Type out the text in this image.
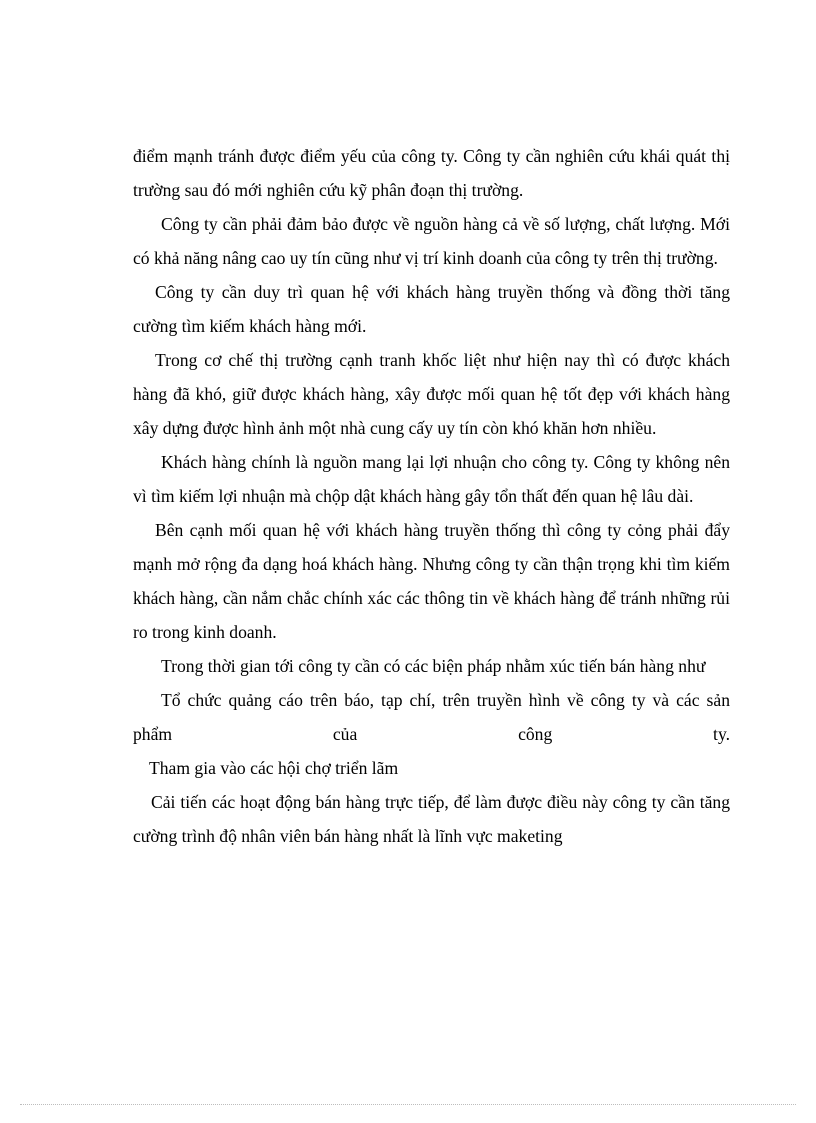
điểm mạnh tránh được điểm yếu của công ty. Công ty cần nghiên cứu khái quát thị trường sau đó mới nghiên cứu kỹ phân đoạn thị trường.

Công ty cần phải đảm bảo được về nguồn hàng cả về số lượng, chất lượng. Mới có khả năng nâng cao uy tín cũng như vị trí kinh doanh của công ty trên thị trường.

Công ty cần duy trì quan hệ với khách hàng truyền thống và đồng thời tăng cường tìm kiếm khách hàng mới.

Trong cơ chế thị trường cạnh tranh khốc liệt như hiện nay thì có được khách hàng đã khó, giữ được khách hàng, xây được mối quan hệ tốt đẹp với khách hàng xây dựng được hình ảnh một nhà cung cấy uy tín còn khó khăn hơn nhiều.

Khách hàng chính là nguồn mang lại lợi nhuận cho công ty. Công ty không nên vì tìm kiếm lợi nhuận mà chộp dật khách hàng gây tổn thất đến quan hệ lâu dài.

Bên cạnh mối quan hệ với khách hàng truyền thống thì công ty cỏng phải đẩy mạnh mở rộng đa dạng hoá khách hàng. Nhưng công ty cần thận trọng khi tìm kiếm khách hàng, cần nắm chắc chính xác các thông tin về khách hàng để tránh những rủi ro trong kinh doanh.

Trong thời gian tới công ty cần có các biện pháp nhằm xúc tiến bán hàng như

Tổ chức quảng cáo trên báo, tạp chí, trên truyền hình về công ty và các sản phẩm của công ty.

Tham gia vào các hội chợ triển lãm

Cải tiến các hoạt động bán hàng trực tiếp, để làm được điều này công ty cần tăng cường trình độ nhân viên bán hàng nhất là lĩnh vực maketing
